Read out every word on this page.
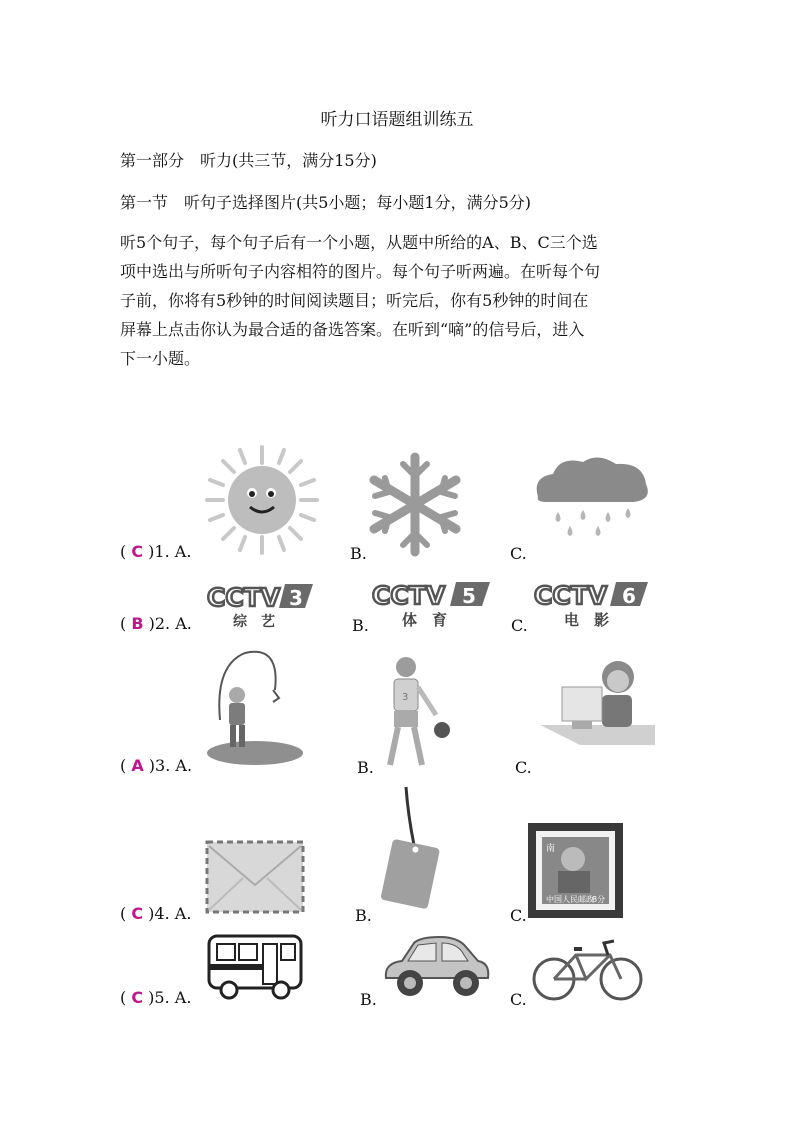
听力口语题组训练五
第一部分　听力(共三节，满分15分)
第一节　听句子选择图片(共5小题；每小题1分，满分5分)
听5个句子，每个句子后有一个小题，从题中所给的A、B、C三个选
项中选出与所听句子内容相符的图片。每个句子听两遍。在听每个句
子前，你将有5秒钟的时间阅读题目；听完后，你有5秒钟的时间在
屏幕上点击你认为最合适的备选答案。在听到“嘀”的信号后，进入
下一小题。
( C )1. A.	B.	C.
( B )2. A.
CCTV 3
综　艺	B.
CCTV 5
体　育	C.
CCTV 6
电　影
( A )3. A.	B.
3
C.
( C )4. A.	B.	C.
南
中国人民邮政
8分
( C )5. A.	B.	C.
